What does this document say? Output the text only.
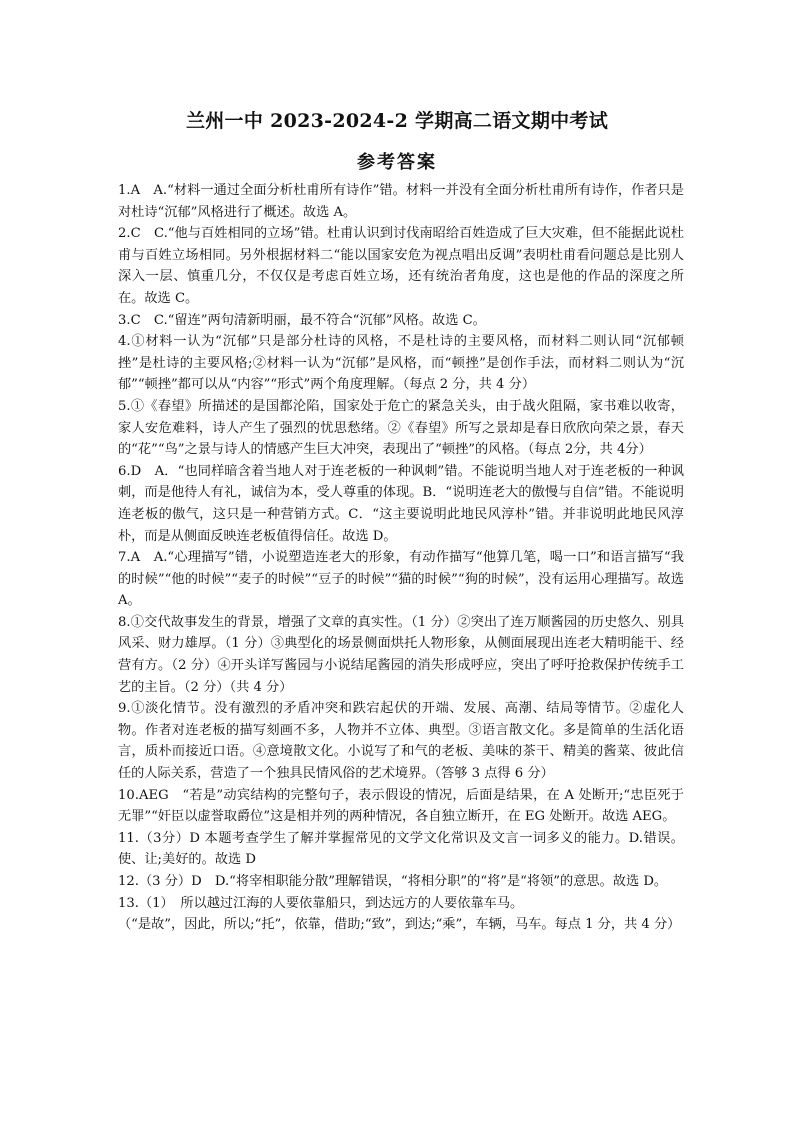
兰州一中 2023-2024-2 学期高二语文期中考试
参考答案

1.A　A.“材料一通过全面分析杜甫所有诗作”错。材料一并没有全面分析杜甫所有诗作，作者只是对杜诗“沉郁”风格进行了概述。故选 A。

2.C　C.“他与百姓相同的立场”错。杜甫认识到讨伐南昭给百姓造成了巨大灾难，但不能据此说杜甫与百姓立场相同。另外根据材料二“能以国家安危为视点唱出反调”表明杜甫看问题总是比别人深入一层、慎重几分，不仅仅是考虑百姓立场，还有统治者角度，这也是他的作品的深度之所在。故选 C。

3.C　C.“留连”两句清新明丽，最不符合“沉郁”风格。故选 C。

4.①材料一认为“沉郁”只是部分杜诗的风格，不是杜诗的主要风格，而材料二则认同“沉郁顿挫”是杜诗的主要风格;②材料一认为“沉郁”是风格，而“顿挫”是创作手法，而材料二则认为“沉郁”“顿挫”都可以从“内容”“形式”两个角度理解。（每点 2 分，共 4 分）

5.①《春望》所描述的是国都沦陷，国家处于危亡的紧急关头，由于战火阻隔，家书难以收寄，家人安危难料，诗人产生了强烈的忧思愁绪。②《春望》所写之景却是春日欣欣向荣之景，春天的“花”“鸟”之景与诗人的情感产生巨大冲突，表现出了“顿挫”的风格。（每点 2分，共 4分）

6.D　A．“也同样暗含着当地人对于连老板的一种讽刺”错。不能说明当地人对于连老板的一种讽刺，而是他待人有礼，诚信为本，受人尊重的体现。B．“说明连老大的傲慢与自信”错。不能说明连老板的傲气，这只是一种营销方式。C．“这主要说明此地民风淳朴”错。并非说明此地民风淳朴，而是从侧面反映连老板值得信任。故选 D。

7.A　A.“心理描写”错，小说塑造连老大的形象，有动作描写“他算几笔，喝一口”和语言描写“我的时候”“他的时候”“麦子的时候”“豆子的时候”“猫的时候”“狗的时候”，没有运用心理描写。故选 A。

8.①交代故事发生的背景，增强了文章的真实性。（1 分）②突出了连万顺酱园的历史悠久、别具风采、财力雄厚。（1 分）③典型化的场景侧面烘托人物形象，从侧面展现出连老大精明能干、经营有方。（2 分）④开头详写酱园与小说结尾酱园的消失形成呼应，突出了呼吁抢救保护传统手工艺的主旨。（2 分）（共 4 分）

9.①淡化情节。没有激烈的矛盾冲突和跌宕起伏的开端、发展、高潮、结局等情节。②虚化人物。作者对连老板的描写刻画不多，人物并不立体、典型。③语言散文化。多是简单的生活化语言，质朴而接近口语。④意境散文化。小说写了和气的老板、美味的茶干、精美的酱菜、彼此信任的人际关系，营造了一个独具民情风俗的艺术境界。（答够 3 点得 6 分）

10.AEG　“若是”动宾结构的完整句子，表示假设的情况，后面是结果，在 A 处断开;“忠臣死于无罪”“奸臣以虚誉取爵位”这是相并列的两种情况，各自独立断开，在 EG 处断开。故选 AEG。

11.（3分）D 本题考查学生了解并掌握常见的文学文化常识及文言一词多义的能力。D.错误。使、让;美好的。故选 D

12.（3 分）D　D.“将宰相职能分散”理解错误，“将相分职”的“将”是“将领”的意思。故选 D。

13.（1）　所以越过江海的人要依靠船只，到达远方的人要依靠车马。

（“是故”，因此，所以;“托”，依靠，借助;“致”，到达;“乘”，车辆，马车。每点 1 分，共 4 分）
